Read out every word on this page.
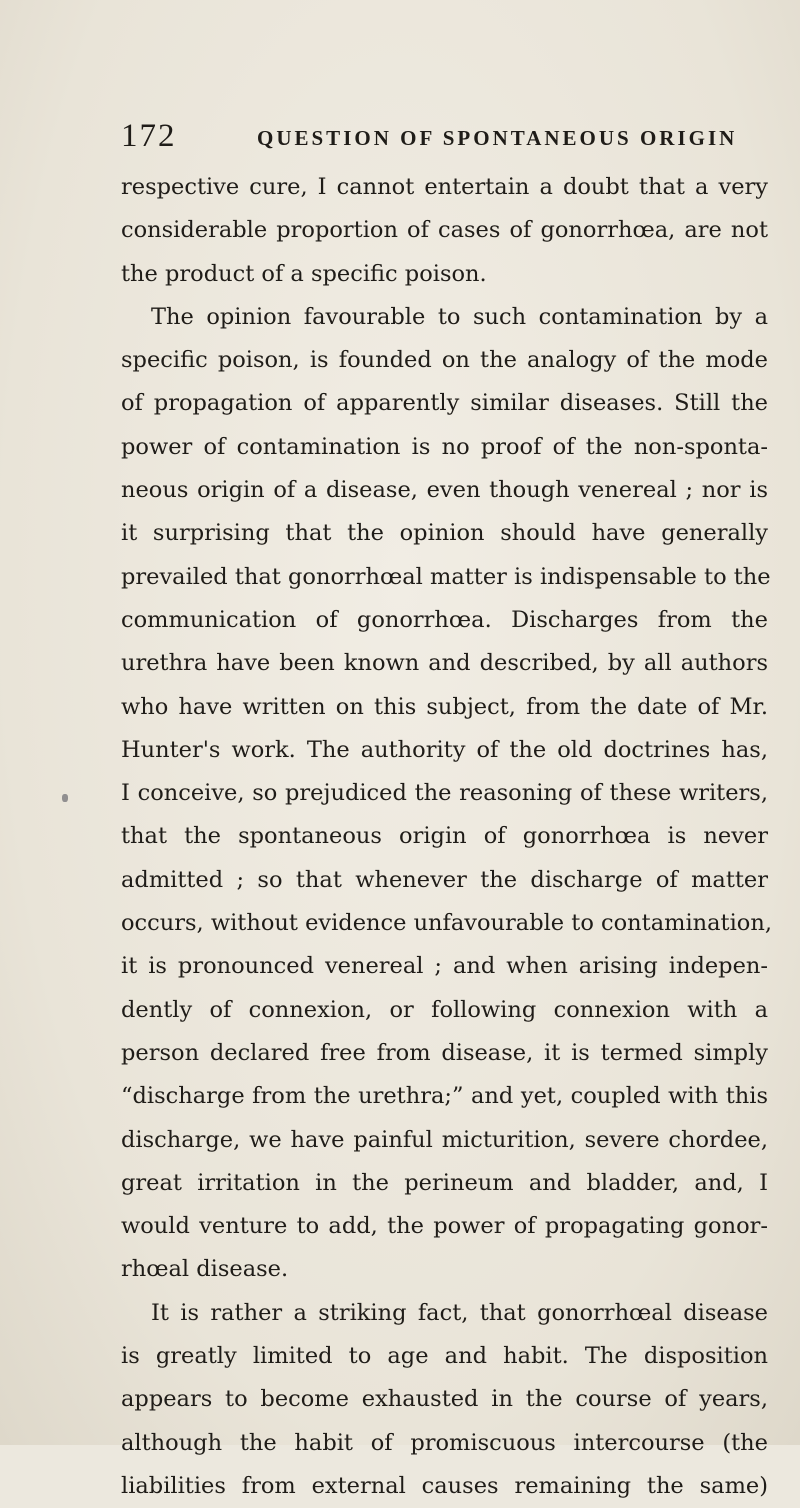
172	QUESTION OF SPONTANEOUS ORIGIN
respective cure, I cannot entertain a doubt that a very
considerable proportion of cases of gonorrhœa, are not
the product of a specific poison.
The opinion favourable to such contamination by a
specific poison, is founded on the analogy of the mode
of propagation of apparently similar diseases. Still the
power of contamination is no proof of the non-sponta-
neous origin of a disease, even though venereal ; nor is
it surprising that the opinion should have generally
prevailed that gonorrhœal matter is indispensable to the
communication of gonorrhœa. Discharges from the
urethra have been known and described, by all authors
who have written on this subject, from the date of Mr.
Hunter's work. The authority of the old doctrines has,
I conceive, so prejudiced the reasoning of these writers,
that the spontaneous origin of gonorrhœa is never
admitted ; so that whenever the discharge of matter
occurs, without evidence unfavourable to contamination,
it is pronounced venereal ; and when arising indepen-
dently of connexion, or following connexion with a
person declared free from disease, it is termed simply
“discharge from the urethra;” and yet, coupled with this
discharge, we have painful micturition, severe chordee,
great irritation in the perineum and bladder, and, I
would venture to add, the power of propagating gonor-
rhœal disease.
It is rather a striking fact, that gonorrhœal disease
is greatly limited to age and habit. The disposition
appears to become exhausted in the course of years,
although the habit of promiscuous intercourse (the
liabilities from external causes remaining the same)
